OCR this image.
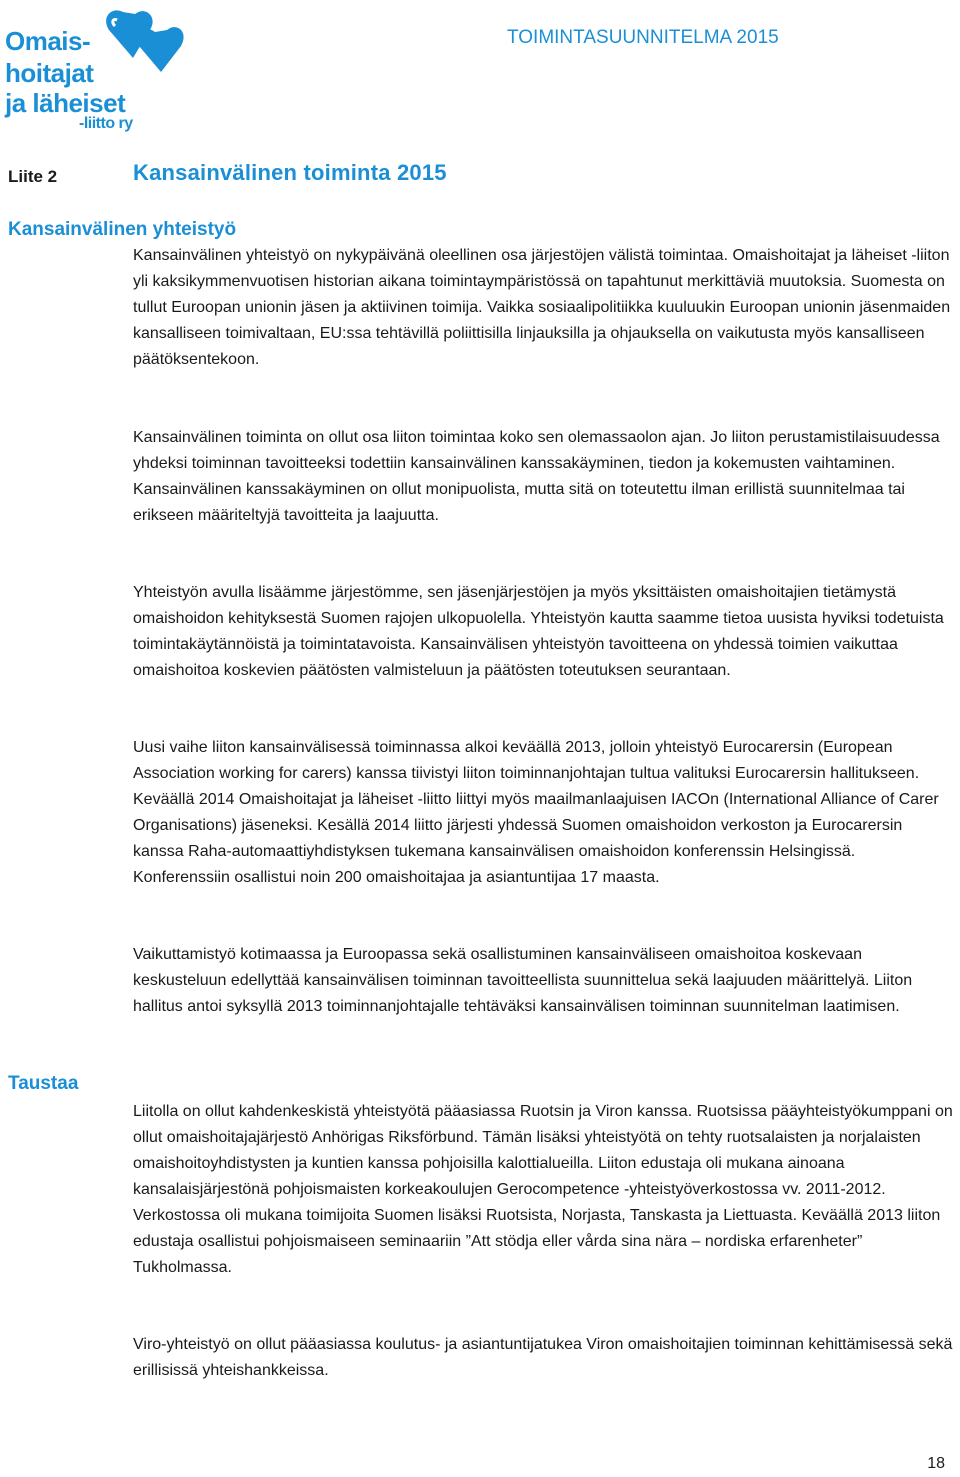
Omais-
hoitajat
ja läheiset
-liitto ry
TOIMINTASUUNNITELMA 2015
Liite 2	Kansainvälinen toiminta 2015
Kansainvälinen yhteistyö

Kansainvälinen yhteistyö on nykypäivänä oleellinen osa järjestöjen välistä toimintaa. Omaishoitajat ja läheiset -liiton yli kaksikymmenvuotisen historian aikana toimintaympäristössä on tapahtunut merkittäviä muutoksia. Suomesta on tullut Euroopan unionin jäsen ja aktiivinen toimija. Vaikka sosiaalipolitiikka kuuluukin Euroopan unionin jäsenmaiden kansalliseen toimivaltaan, EU:ssa tehtävillä poliittisilla linjauksilla ja ohjauksella on vaikutusta myös kansalliseen päätöksentekoon.

Kansainvälinen toiminta on ollut osa liiton toimintaa koko sen olemassaolon ajan. Jo liiton perustamistilaisuudessa yhdeksi toiminnan tavoitteeksi todettiin kansainvälinen kanssakäyminen, tiedon ja kokemusten vaihtaminen. Kansainvälinen kanssakäyminen on ollut monipuolista, mutta sitä on toteutettu ilman erillistä suunnitelmaa tai erikseen määriteltyjä tavoitteita ja laajuutta.

Yhteistyön avulla lisäämme järjestömme, sen jäsenjärjestöjen ja myös yksittäisten omaishoitajien tietämystä omaishoidon kehityksestä Suomen rajojen ulkopuolella. Yhteistyön kautta saamme tietoa uusista hyviksi todetuista toimintakäytännöistä ja toimintatavoista. Kansainvälisen yhteistyön tavoitteena on yhdessä toimien vaikuttaa omaishoitoa koskevien päätösten valmisteluun ja päätösten toteutuksen seurantaan.

Uusi vaihe liiton kansainvälisessä toiminnassa alkoi keväällä 2013, jolloin yhteistyö Eurocarersin (European Association working for carers) kanssa tiivistyi liiton toiminnanjohtajan tultua valituksi Eurocarersin hallitukseen. Keväällä 2014 Omaishoitajat ja läheiset -liitto liittyi myös maailmanlaajuisen IACOn (International Alliance of Carer Organisations) jäseneksi. Kesällä 2014 liitto järjesti yhdessä Suomen omaishoidon verkoston ja Eurocarersin kanssa Raha-automaattiyhdistyksen tukemana kansainvälisen omaishoidon konferenssin Helsingissä. Konferenssiin osallistui noin 200 omaishoitajaa ja asiantuntijaa 17 maasta.

Vaikuttamistyö kotimaassa ja Euroopassa sekä osallistuminen kansainväliseen omaishoitoa koskevaan keskusteluun edellyttää kansainvälisen toiminnan tavoitteellista suunnittelua sekä laajuuden määrittelyä. Liiton hallitus antoi syksyllä 2013 toiminnanjohtajalle tehtäväksi kansainvälisen toiminnan suunnitelman laatimisen.

Taustaa

Liitolla on ollut kahdenkeskistä yhteistyötä pääasiassa Ruotsin ja Viron kanssa. Ruotsissa pääyhteistyökumppani on ollut omaishoitajajärjestö Anhörigas Riksförbund. Tämän lisäksi yhteistyötä on tehty ruotsalaisten ja norjalaisten omaishoitoyhdistysten ja kuntien kanssa pohjoisilla kalottialueilla. Liiton edustaja oli mukana ainoana kansalaisjärjestönä pohjoismaisten korkeakoulujen Gerocompetence -yhteistyöverkostossa vv. 2011-2012. Verkostossa oli mukana toimijoita Suomen lisäksi Ruotsista, Norjasta, Tanskasta ja Liettuasta. Keväällä 2013 liiton edustaja osallistui pohjoismaiseen seminaariin ”Att stödja eller vårda sina nära – nordiska erfarenheter” Tukholmassa.

Viro-yhteistyö on ollut pääasiassa koulutus- ja asiantuntijatukea Viron omaishoitajien toiminnan kehittämisessä sekä erillisissä yhteishankkeissa.

18
